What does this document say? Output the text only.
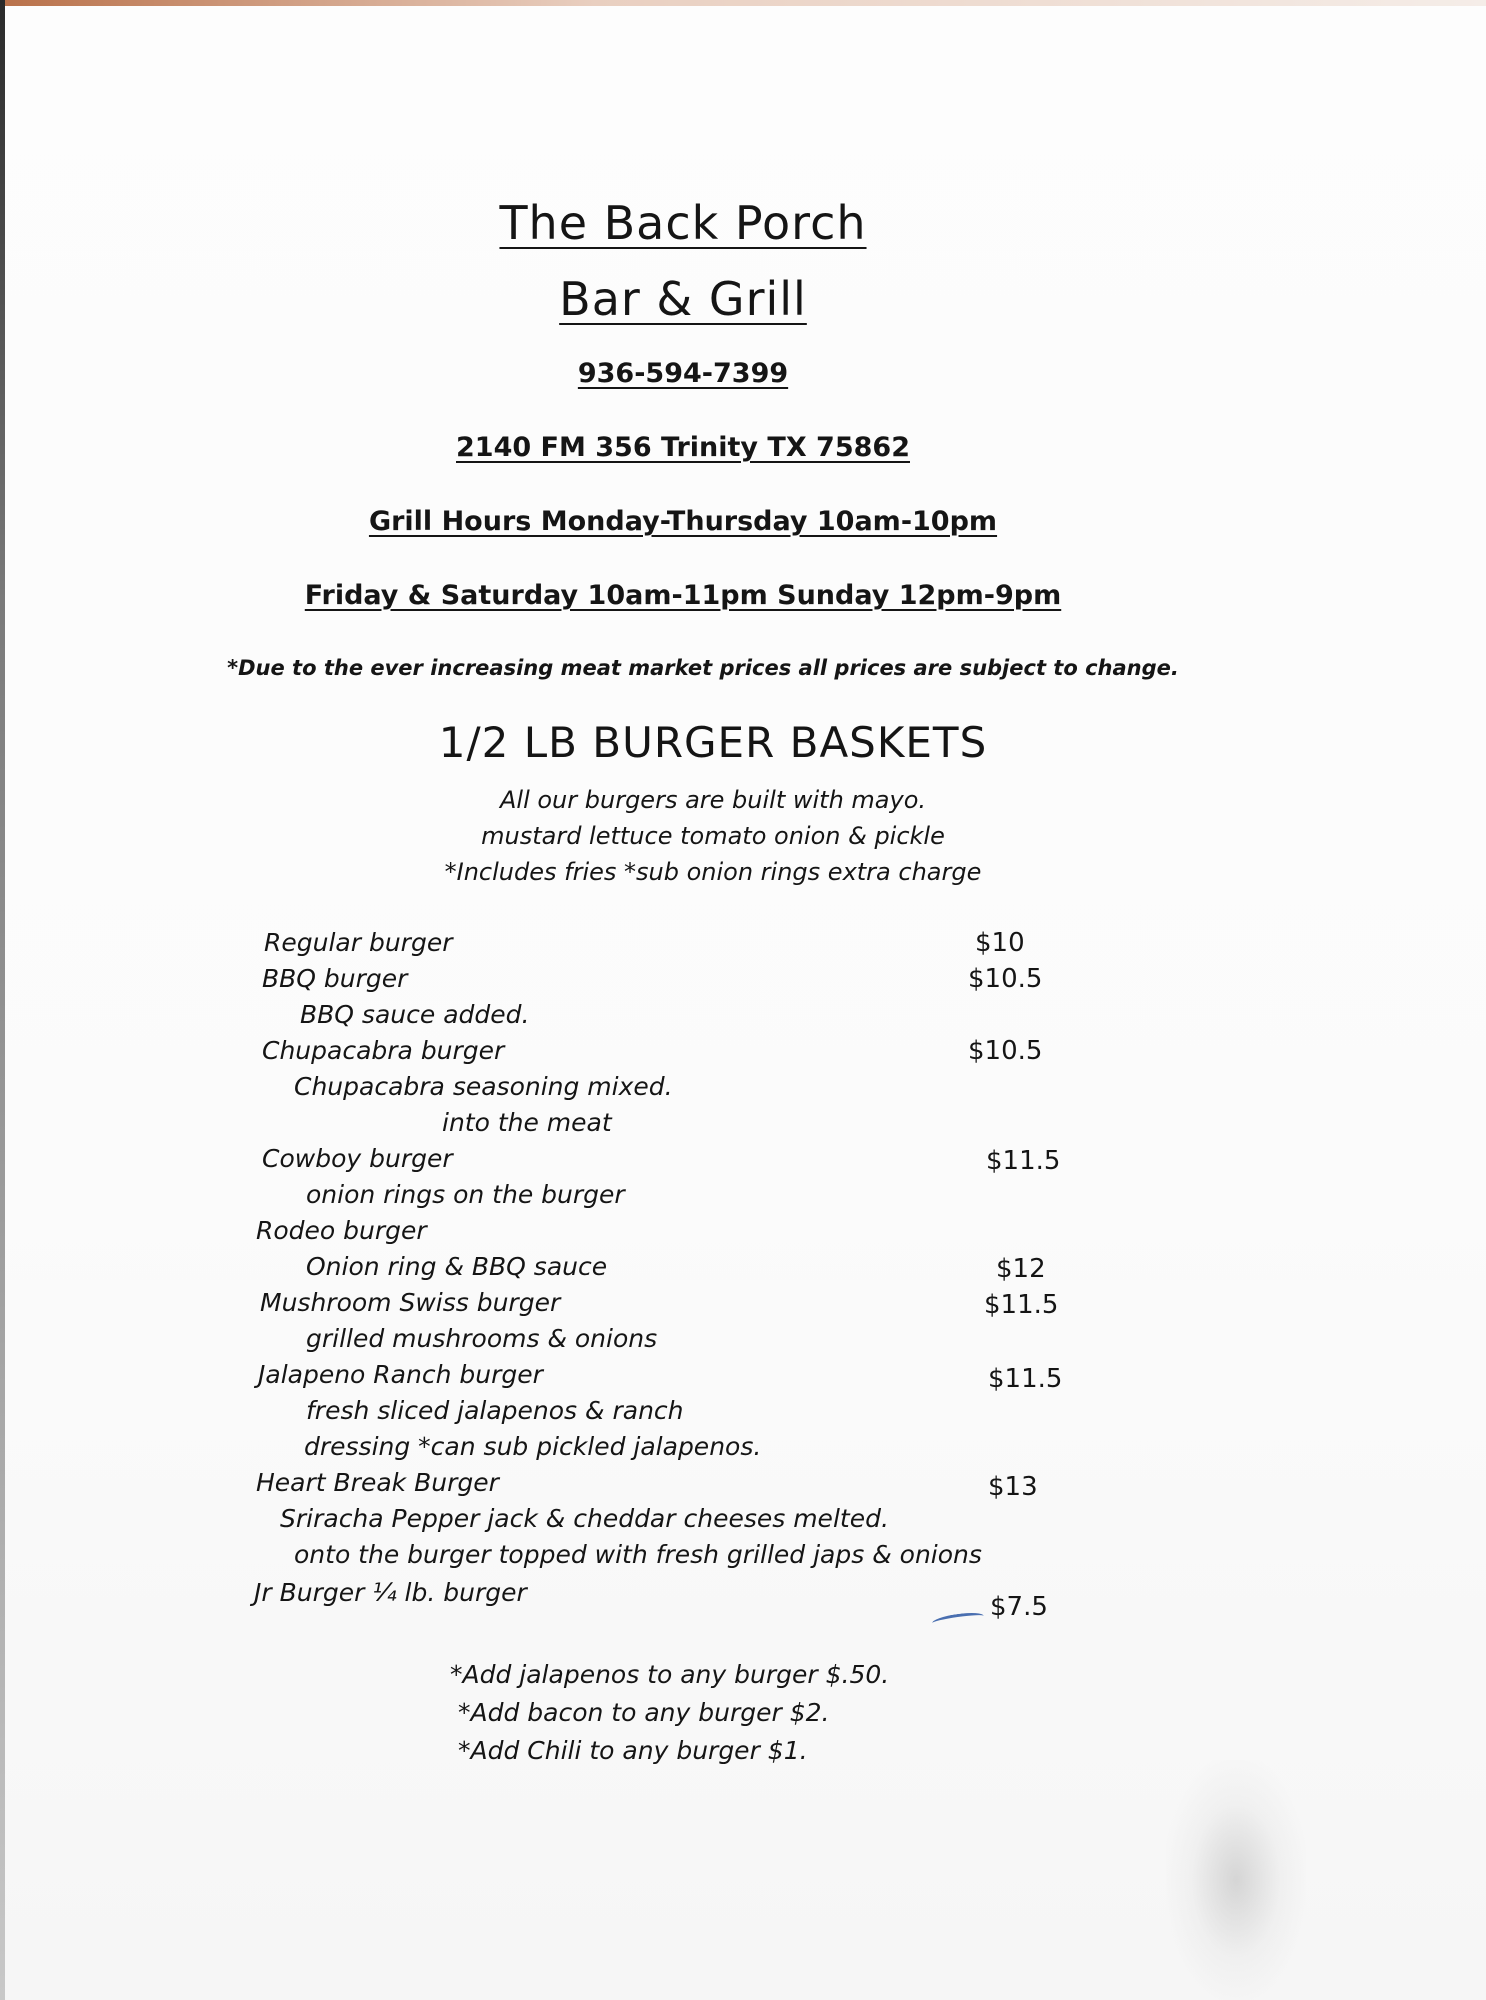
The Back Porch
Bar & Grill
936-594-7399
2140 FM 356 Trinity TX 75862
Grill Hours Monday-Thursday 10am-10pm
Friday & Saturday 10am-11pm Sunday 12pm-9pm
*Due to the ever increasing meat market prices all prices are subject to change.
1/2 LB BURGER BASKETS
All our burgers are built with mayo.
mustard lettuce tomato onion & pickle
*Includes fries *sub onion rings extra charge
Regular burger	$10
BBQ burger	$10.5
BBQ sauce added.
Chupacabra burger	$10.5
Chupacabra seasoning mixed.
into the meat
Cowboy burger	$11.5
onion rings on the burger
Rodeo burger
Onion ring & BBQ sauce	$12
Mushroom Swiss burger	$11.5
grilled mushrooms & onions
Jalapeno Ranch burger	$11.5
fresh sliced jalapenos & ranch
dressing *can sub pickled jalapenos.
Heart Break Burger	$13
Sriracha Pepper jack & cheddar cheeses melted.
onto the burger topped with fresh grilled japs & onions
Jr Burger ¼ lb. burger	$7.5
*Add jalapenos to any burger $.50.
*Add bacon to any burger $2.
*Add Chili to any burger $1.
